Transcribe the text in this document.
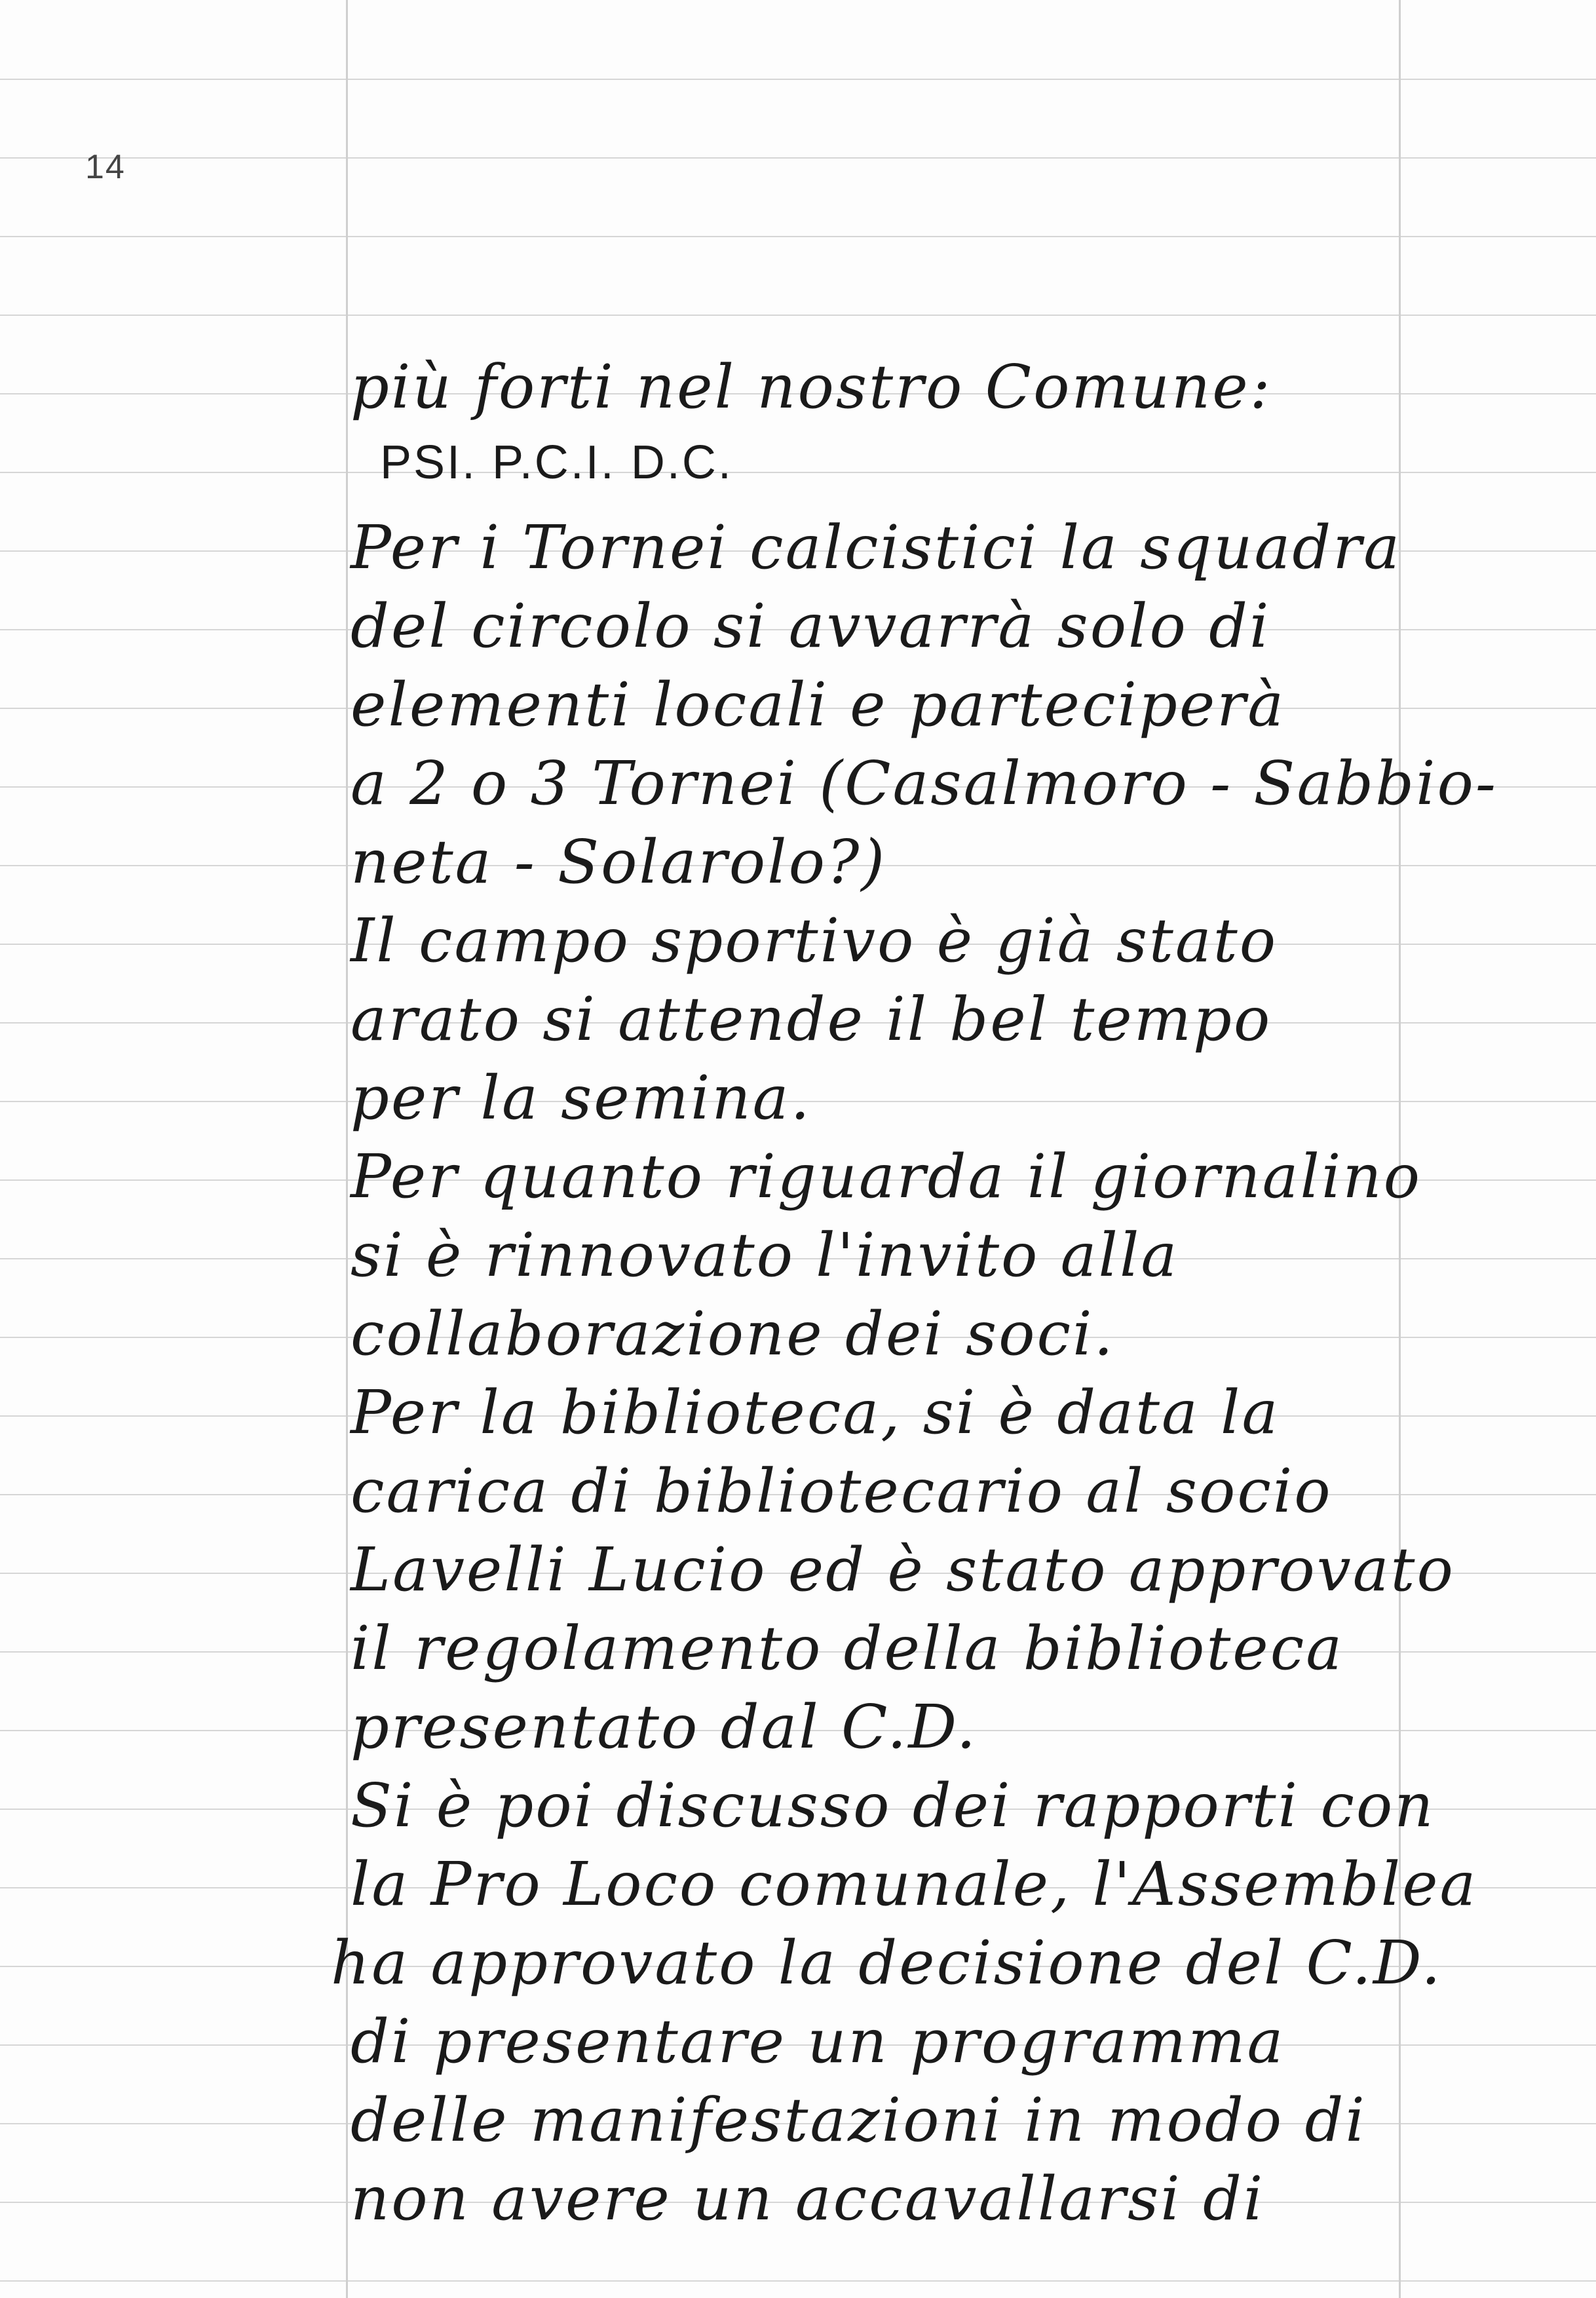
14
più forti nel nostro Comune:
PSI. P.C.I. D.C.
Per i Tornei calcistici la squadra
del circolo si avvarrà solo di
elementi locali e parteciperà
a 2 o 3 Tornei (Casalmoro - Sabbio-
neta - Solarolo?)
Il campo sportivo è già stato
arato si attende il bel tempo
per la semina.
Per quanto riguarda il giornalino
si è rinnovato l'invito alla
collaborazione dei soci.
Per la biblioteca, si è data la
carica di bibliotecario al socio
Lavelli Lucio ed è stato approvato
il regolamento della biblioteca
presentato dal C.D.
Si è poi discusso dei rapporti con
la Pro Loco comunale, l'Assemblea
ha approvato la decisione del C.D.
di presentare un programma
delle manifestazioni in modo di
non avere un accavallarsi di
